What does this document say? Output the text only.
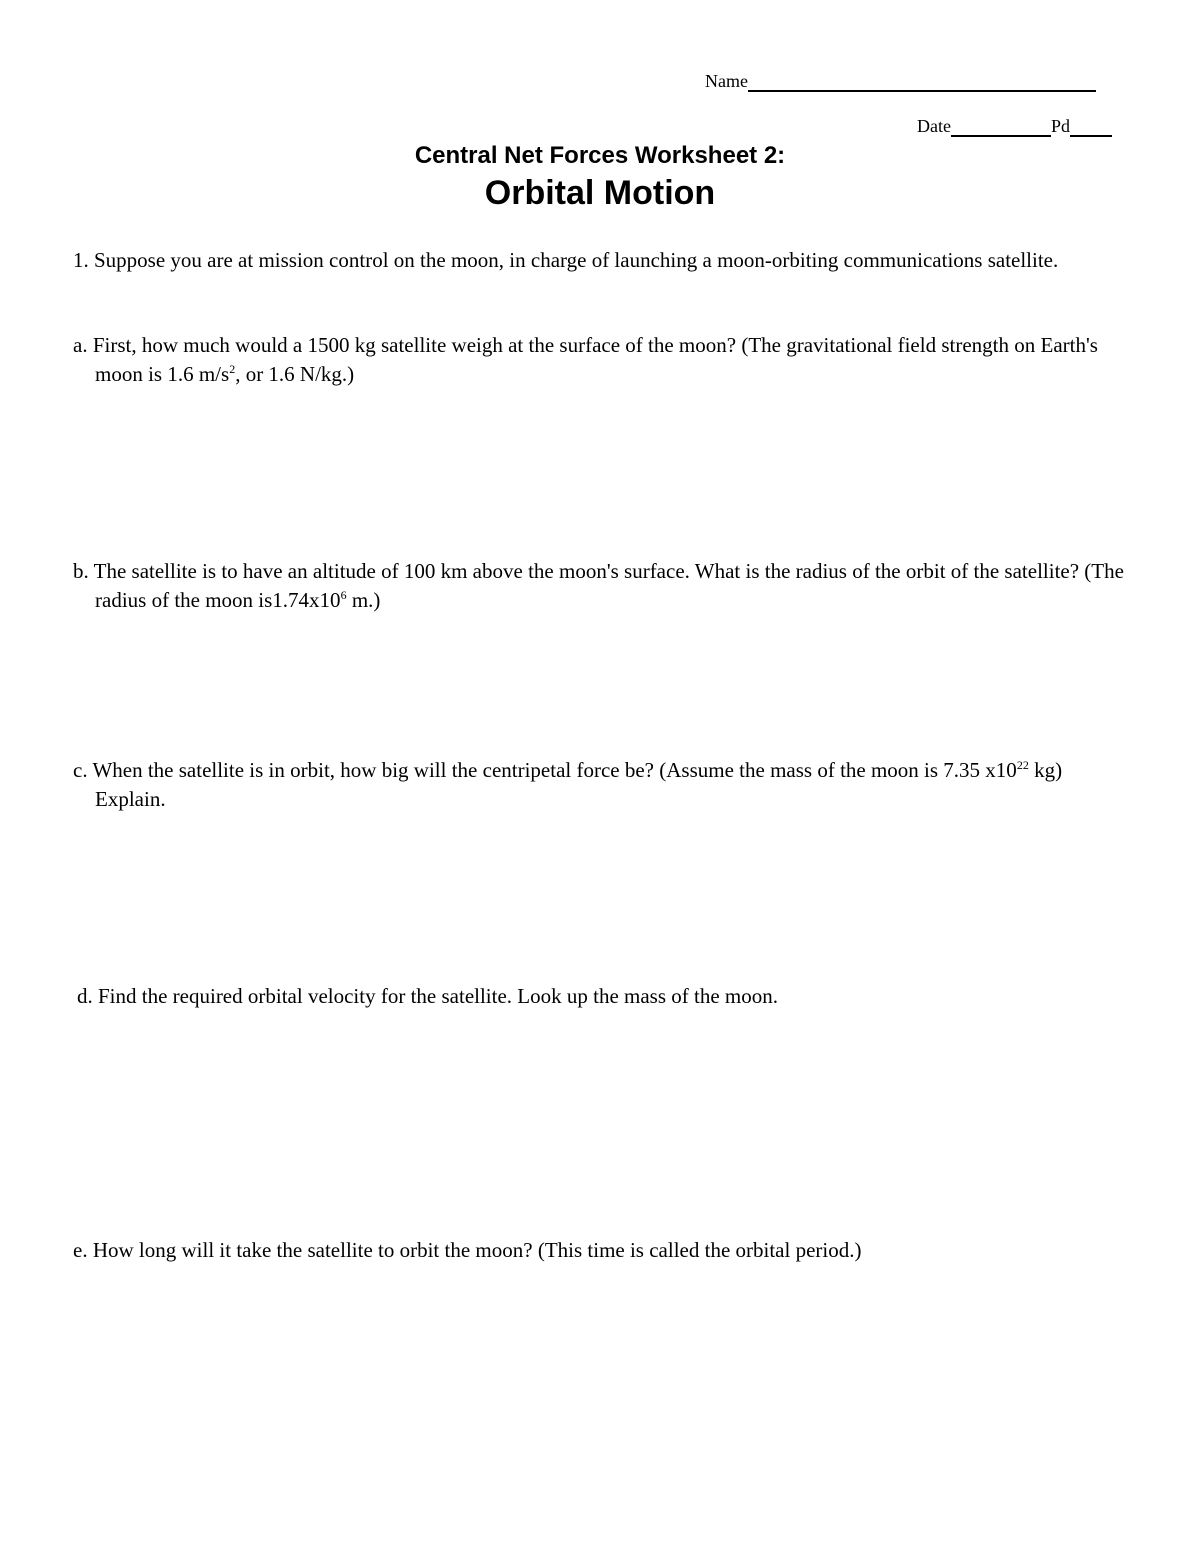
Name
Date	Pd
Central Net Forces Worksheet 2:
Orbital Motion
1. Suppose you are at mission control on the moon, in charge of launching a moon-orbiting communications satellite.
a. First, how much would a 1500 kg satellite weigh at the surface of the moon? (The gravitational field strength on Earth's moon is 1.6 $m/s^2$, or 1.6 N/kg.)
b. The satellite is to have an altitude of 100 km above the moon's surface. What is the radius of the orbit of the satellite? (The radius of the moon $is1.74x10^6$ m.)
c. When the satellite is in orbit, how big will the centripetal force be? (Assume the mass of the moon is 7.35 $x10^{22}$ kg) Explain.
d. Find the required orbital velocity for the satellite. Look up the mass of the moon.
e. How long will it take the satellite to orbit the moon? (This time is called the orbital period.)
